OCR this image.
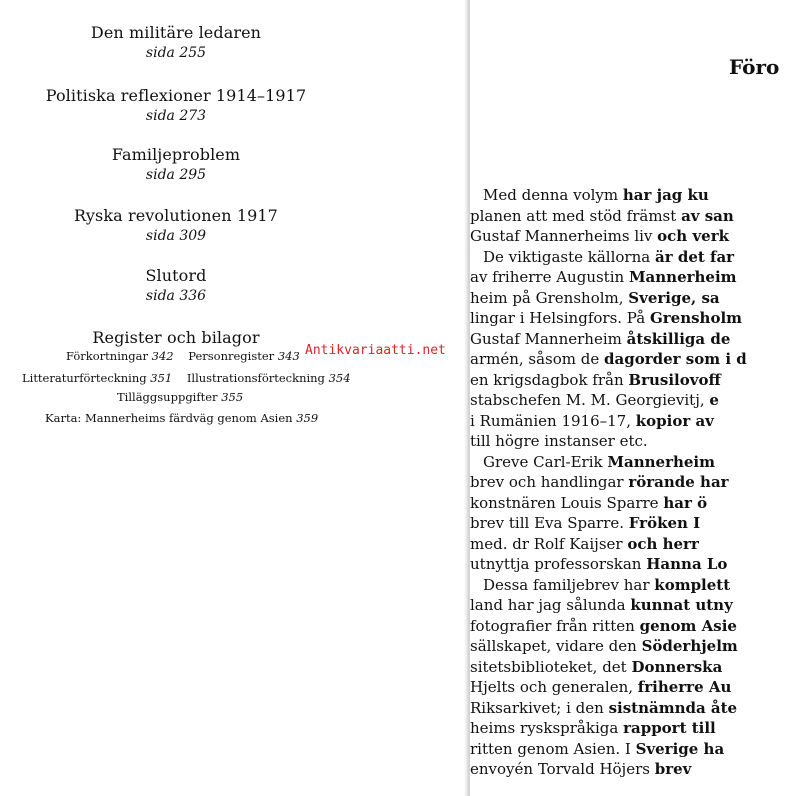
Den militäre ledaren
sida 255
Politiska reflexioner 1914–1917
sida 273
Familjeproblem
sida 295
Ryska revolutionen 1917
sida 309
Slutord
sida 336
Register och bilagor
Förkortningar 342 Personregister 343
Litteraturförteckning 351 Illustrationsförteckning 354
Tilläggsuppgifter 355
Karta: Mannerheims färdväg genom Asien 359
Föro
Med denna volym har jag ku
planen att med stöd främst av san
Gustaf Mannerheims liv och verk
De viktigaste källorna är det far
av friherre Augustin Mannerheim
heim på Grensholm, Sverige, sa
lingar i Helsingfors. På Grensholm
Gustaf Mannerheim åtskilliga de
armén, såsom de dagorder som i d
en krigsdagbok från Brusilovoff
stabschefen M. M. Georgievitj, e
i Rumänien 1916–17, kopior av
till högre instanser etc.
Greve Carl-Erik Mannerheim
brev och handlingar rörande har
konstnären Louis Sparre har ö
brev till Eva Sparre. Fröken I
med. dr Rolf Kaijser och herr
utnyttja professorskan Hanna Lo
Dessa familjebrev har komplett
land har jag sålunda kunnat utny
fotografier från ritten genom Asie
sällskapet, vidare den Söderhjelm
sitetsbiblioteket, det Donnerska
Hjelts och generalen, friherre Au
Riksarkivet; i den sistnämnda åte
heims ryskspråkiga rapport till
ritten genom Asien. I Sverige ha
envoyén Torvald Höjers brev
Antikvariaatti.net
